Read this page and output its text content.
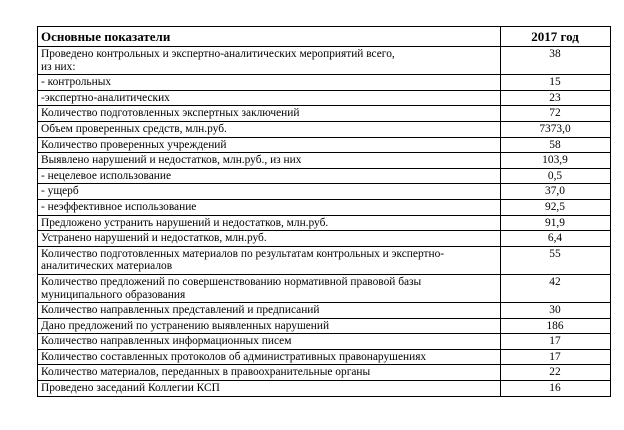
Основные показатели	2017 год
Проведено контрольных и экспертно-аналитических мероприятий всего,
из них:	38
- контрольных	15
-экспертно-аналитических	23
Количество подготовленных экспертных заключений	72
Объем проверенных средств, млн.руб.	7373,0
Количество проверенных учреждений	58
Выявлено нарушений и недостатков, млн.руб., из них	103,9
- нецелевое использование	0,5
- ущерб	37,0
- неэффективное использование	92,5
Предложено устранить нарушений и недостатков, млн.руб.	91,9
Устранено нарушений и недостатков, млн.руб.	6,4
Количество подготовленных материалов по результатам контрольных и экспертно-
аналитических материалов	55
Количество предложений по совершенствованию нормативной правовой базы
муниципального образования	42
Количество направленных представлений и предписаний	30
Дано предложений по устранению выявленных нарушений	186
Количество направленных информационных писем	17
Количество составленных протоколов об административных правонарушениях	17
Количество материалов, переданных в правоохранительные органы	22
Проведено заседаний Коллегии КСП	16
